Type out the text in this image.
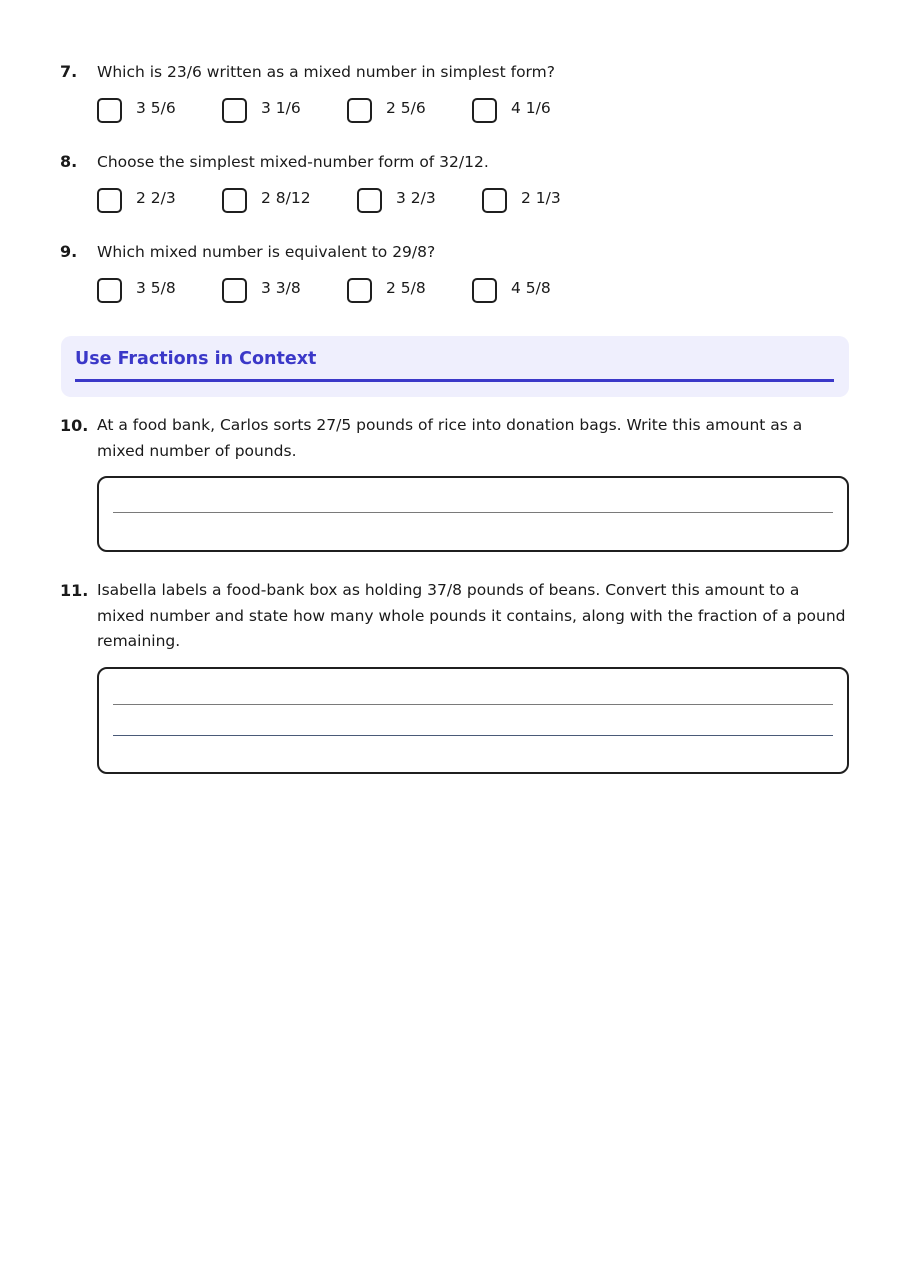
7. Which is 23/6 written as a mixed number in simplest form?
3 5/6	3 1/6	2 5/6	4 1/6
8. Choose the simplest mixed-number form of 32/12.
2 2/3	2 8/12	3 2/3	2 1/3
9. Which mixed number is equivalent to 29/8?
3 5/8	3 3/8	2 5/8	4 5/8
Use Fractions in Context
10. At a food bank, Carlos sorts 27/5 pounds of rice into donation bags. Write this amount as a mixed number of pounds.
11. Isabella labels a food-bank box as holding 37/8 pounds of beans. Convert this amount to a mixed number and state how many whole pounds it contains, along with the fraction of a pound remaining.
